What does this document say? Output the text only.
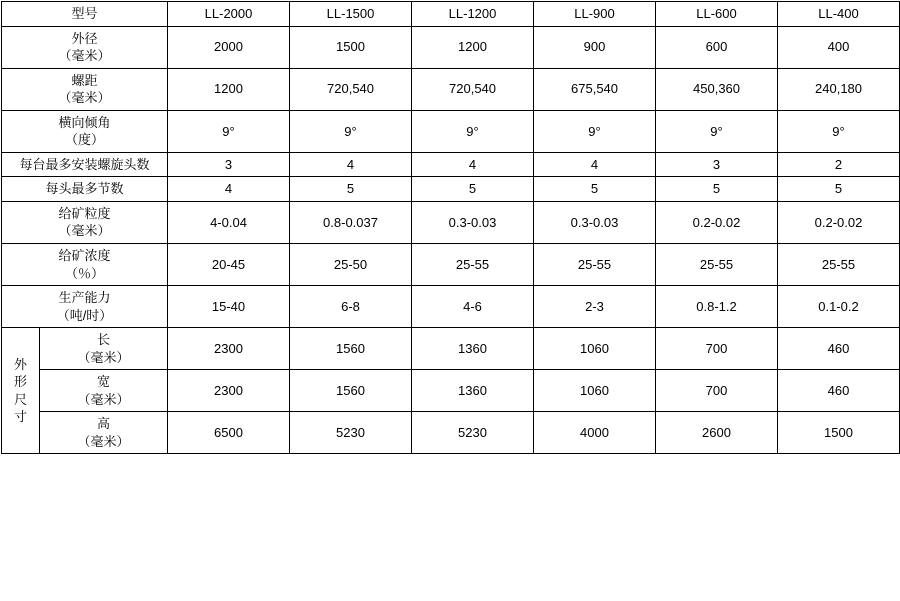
型号		LL-2000	LL-1500	LL-1200	LL-900	LL-600	LL-400
外径
（毫米）		2000	1500	1200	900	600	400
螺距
（毫米）		1200	720,540	720,540	675,540	450,360	240,180
横向倾角
（度）		9°	9°	9°	9°	9°	9°
每台最多安装螺旋头数		3	4	4	4	3	2
每头最多节数		4	5	5	5	5	5
给矿粒度
（毫米）		4-0.04	0.8-0.037	0.3-0.03	0.3-0.03	0.2-0.02	0.2-0.02
给矿浓度
（％）		20-45	25-50	25-55	25-55	25-55	25-55
生产能力
（吨/时）		15-40	6-8	4-6	2-3	0.8-1.2	0.1-0.2

外
形
尺
寸	长
（毫米）	2300	1560	1360	1060	700	460
	宽
（毫米）	2300	1560	1360	1060	700	460
	高
（毫米）	6500	5230	5230	4000	2600	1500
